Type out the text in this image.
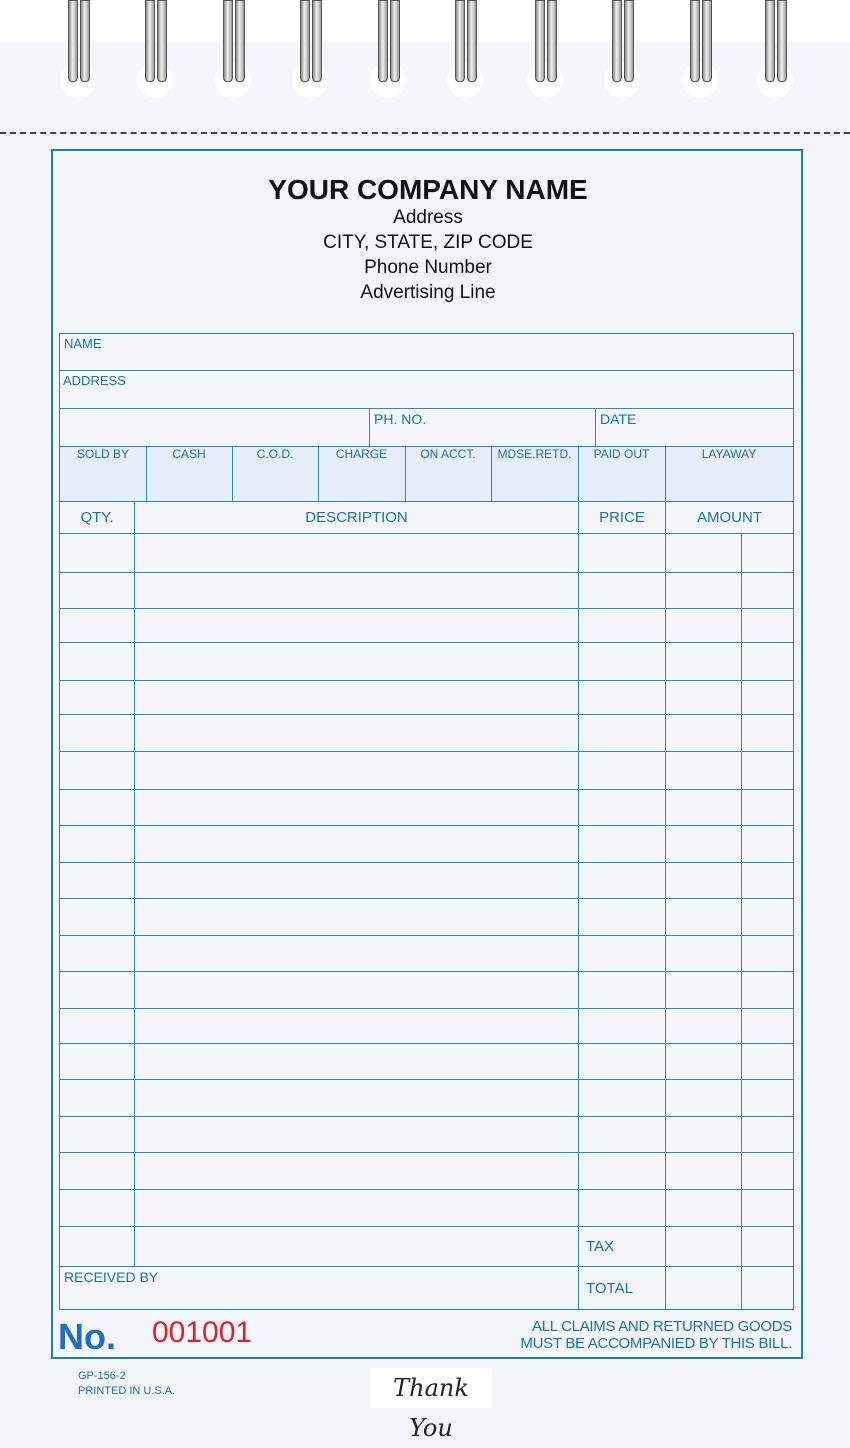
YOUR COMPANY NAME
Address
CITY, STATE, ZIP CODE
Phone Number
Advertising Line
NAME
ADDRESS
PH. NO.	DATE
SOLD BY	CASH	C.O.D.	CHARGE	ON ACCT.	MDSE.RETD.	PAID OUT	LAYAWAY
QTY.	DESCRIPTION	PRICE	AMOUNT
TAX
TOTAL
RECEIVED BY
No. 001001	ALL CLAIMS AND RETURNED GOODS
MUST BE ACCOMPANIED BY THIS BILL.
GP-156-2
PRINTED IN U.S.A.	Thank You
